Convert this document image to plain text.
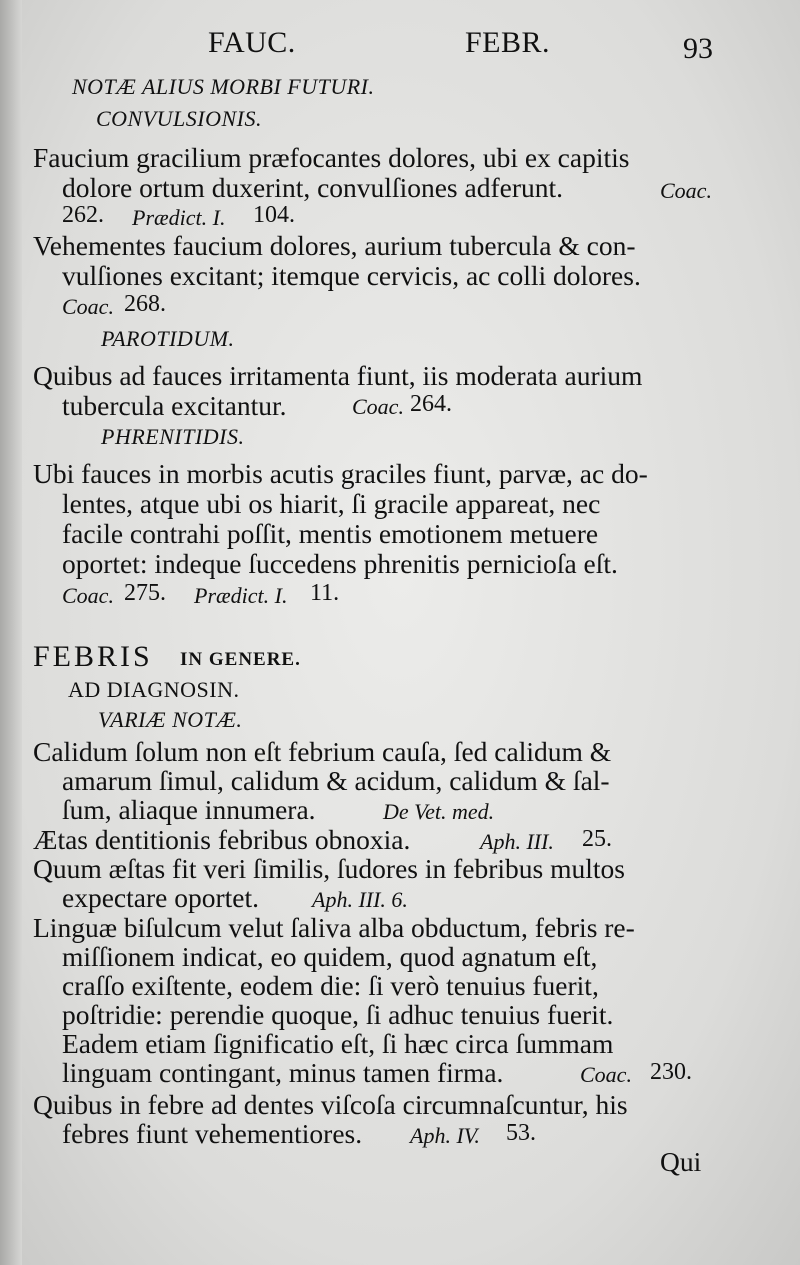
FAUC.	FEBR.	93
NOTÆ ALIUS MORBI FUTURI.
CONVULSIONIS.
Faucium gracilium præfocantes dolores, ubi ex capitis
dolore ortum duxerint, convulſiones adferunt.	Coac.
262. Prædict. I. 104.
Vehementes faucium dolores, aurium tubercula & con-
vulſiones excitant; itemque cervicis, ac colli dolores.
Coac. 268.
PAROTIDUM.
Quibus ad fauces irritamenta fiunt, iis moderata aurium
tubercula excitantur.	Coac. 264.
PHRENITIDIS.
Ubi fauces in morbis acutis graciles fiunt, parvæ, ac do-
lentes, atque ubi os hiarit, ſi gracile appareat, nec
facile contrahi poſſit, mentis emotionem metuere
oportet: indeque ſuccedens phrenitis pernicioſa eſt.
Coac. 275. Prædict. I. 11.
FEBRIS IN GENERE.
AD DIAGNOSIN.
VARIÆ NOTÆ.
Calidum ſolum non eſt febrium cauſa, ſed calidum &
amarum ſimul, calidum & acidum, calidum & ſal-
ſum, aliaque innumera.	De Vet. med.
Ætas dentitionis febribus obnoxia.	Aph. III. 25.
Quum æſtas fit veri ſimilis, ſudores in febribus multos
expectare oportet. Aph. III. 6.
Linguæ biſulcum velut ſaliva alba obductum, febris re-
miſſionem indicat, eo quidem, quod agnatum eſt,
craſſo exiſtente, eodem die: ſi verò tenuius fuerit,
poſtridie: perendie quoque, ſi adhuc tenuius fuerit.
Eadem etiam ſignificatio eſt, ſi hæc circa ſummam
linguam contingant, minus tamen firma.	Coac. 230.
Quibus in febre ad dentes viſcoſa circumnaſcuntur, his
febres fiunt vehementiores. Aph. IV. 53.
Qui
